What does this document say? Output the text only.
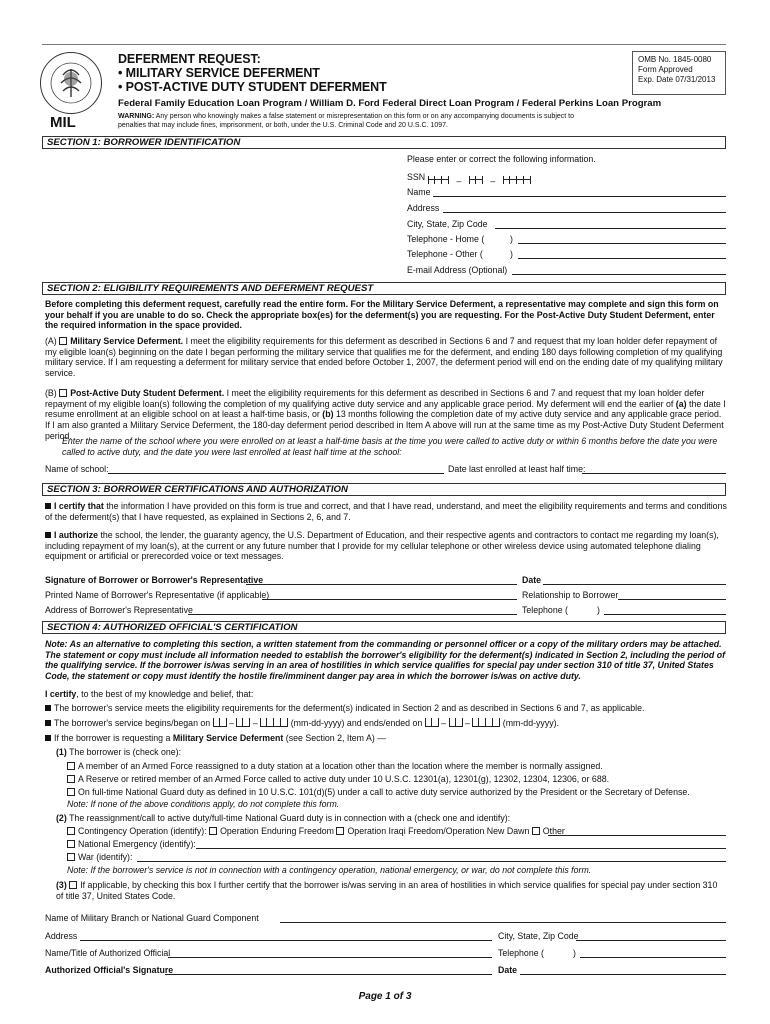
MIL
DEFERMENT REQUEST:
• MILITARY SERVICE DEFERMENT
• POST-ACTIVE DUTY STUDENT DEFERMENT
OMB No. 1845-0080
Form Approved
Exp. Date 07/31/2013
Federal Family Education Loan Program / William D. Ford Federal Direct Loan Program / Federal Perkins Loan Program
WARNING: Any person who knowingly makes a false statement or misrepresentation on this form or on any accompanying documents is subject to penalties that may include fines, imprisonment, or both, under the U.S. Criminal Code and 20 U.S.C. 1097.
SECTION 1: BORROWER IDENTIFICATION
Please enter or correct the following information.
SSN	–	–
Name
Address
City, State, Zip Code
Telephone - Home (	)
Telephone - Other (	)
E-mail Address (Optional)
SECTION 2: ELIGIBILITY REQUIREMENTS AND DEFERMENT REQUEST
Before completing this deferment request, carefully read the entire form. For the Military Service Deferment, a representative may complete and sign this form on your behalf if you are unable to do so. Check the appropriate box(es) for the deferment(s) you are requesting. For the Post-Active Duty Student Deferment, enter the required information in the space provided.
(A) Military Service Deferment. I meet the eligibility requirements for this deferment as described in Sections 6 and 7 and request that my loan holder defer repayment of my eligible loan(s) beginning on the date I began performing the military service that qualifies me for the deferment, and ending 180 days following completion of my qualifying military service. If I am requesting a deferment for military service that ended before October 1, 2007, the deferment period will end on the ending date of my qualifying military service.
(B) Post-Active Duty Student Deferment. I meet the eligibility requirements for this deferment as described in Sections 6 and 7 and request that my loan holder defer repayment of my eligible loan(s) following the completion of my qualifying active duty service and any applicable grace period. My deferment will end the earlier of (a) the date I resume enrollment at an eligible school on at least a half-time basis, or (b) 13 months following the completion date of my active duty service and any applicable grace period. If I am also granted a Military Service Deferment, the 180-day deferment period described in Item A above will run at the same time as my Post-Active Duty Student Deferment period.
Enter the name of the school where you were enrolled on at least a half-time basis at the time you were called to active duty or within 6 months before the date you were called to active duty, and the date you were last enrolled at least half time at the school:
Name of school:	Date last enrolled at least half time:
SECTION 3: BORROWER CERTIFICATIONS AND AUTHORIZATION
I certify that the information I have provided on this form is true and correct, and that I have read, understand, and meet the eligibility requirements and terms and conditions of the deferment(s) that I have requested, as explained in Sections 2, 6, and 7.
I authorize the school, the lender, the guaranty agency, the U.S. Department of Education, and their respective agents and contractors to contact me regarding my loan(s), including repayment of my loan(s), at the current or any future number that I provide for my cellular telephone or other wireless device using automated telephone dialing equipment or artificial or prerecorded voice or text messages.
Signature of Borrower or Borrower's Representative	Date
Printed Name of Borrower's Representative (if applicable)	Relationship to Borrower
Address of Borrower's Representative	Telephone (	)
SECTION 4: AUTHORIZED OFFICIAL'S CERTIFICATION
Note: As an alternative to completing this section, a written statement from the commanding or personnel officer or a copy of the military orders may be attached. The statement or copy must include all information needed to establish the borrower's eligibility for the deferment(s) indicated in Section 2, including the period of the qualifying service. If the borrower is/was serving in an area of hostilities in which service qualifies for special pay under section 310 of title 37, United States Code, the statement or copy must identify the hostile fire/imminent danger pay area in which the borrower is/was on active duty.
I certify, to the best of my knowledge and belief, that:
The borrower's service meets the eligibility requirements for the deferment(s) indicated in Section 2 and as described in Sections 6 and 7, as applicable.
The borrower's service begins/began on – –	(mm-dd-yyyy) and ends/ended on – –	(mm-dd-yyyy).
If the borrower is requesting a Military Service Deferment (see Section 2, Item A) —
(1) The borrower is (check one):
A member of an Armed Force reassigned to a duty station at a location other than the location where the member is normally assigned.
A Reserve or retired member of an Armed Force called to active duty under 10 U.S.C. 12301(a), 12301(g), 12302, 12304, 12306, or 688.
On full-time National Guard duty as defined in 10 U.S.C. 101(d)(5) under a call to active duty service authorized by the President or the Secretary of Defense.
Note: If none of the above conditions apply, do not complete this form.
(2) The reassignment/call to active duty/full-time National Guard duty is in connection with a (check one and identify):
Contingency Operation (identify): Operation Enduring Freedom Operation Iraqi Freedom/Operation New Dawn Other
National Emergency (identify):
War (identify):
Note: If the borrower's service is not in connection with a contingency operation, national emergency, or war, do not complete this form.
(3) If applicable, by checking this box I further certify that the borrower is/was serving in an area of hostilities in which service qualifies for special pay under section 310 of title 37, United States Code.
Name of Military Branch or National Guard Component
Address	City, State, Zip Code
Name/Title of Authorized Official	Telephone (	)
Authorized Official's Signature	Date
Page 1 of 3
